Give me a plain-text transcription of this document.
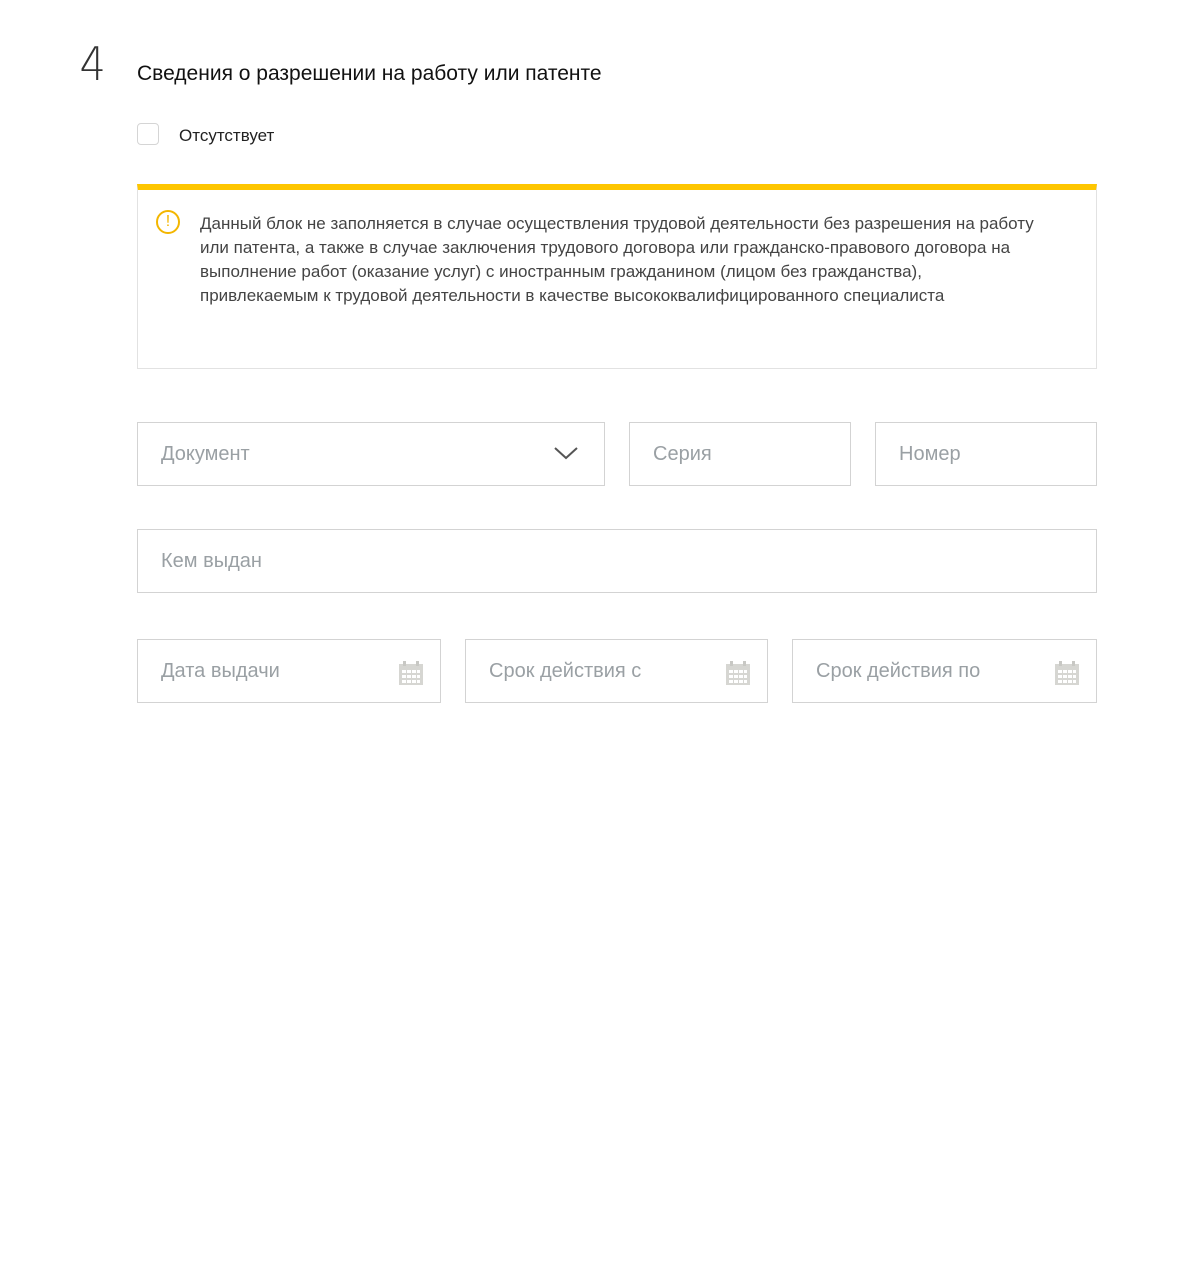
4 Сведения о разрешении на работу или патенте
Отсутствует
!	Данный блок не заполняется в случае осуществления трудовой деятельности без разрешения на работу или патента, а также в случае заключения трудового договора или гражданско-правового договора на выполнение работ (оказание услуг) с иностранным гражданином (лицом без гражданства), привлекаемым к трудовой деятельности в качестве высококвалифицированного специалиста
Документ	Серия	Номер
Кем выдан
Дата выдачи	Срок действия с	Срок действия по
